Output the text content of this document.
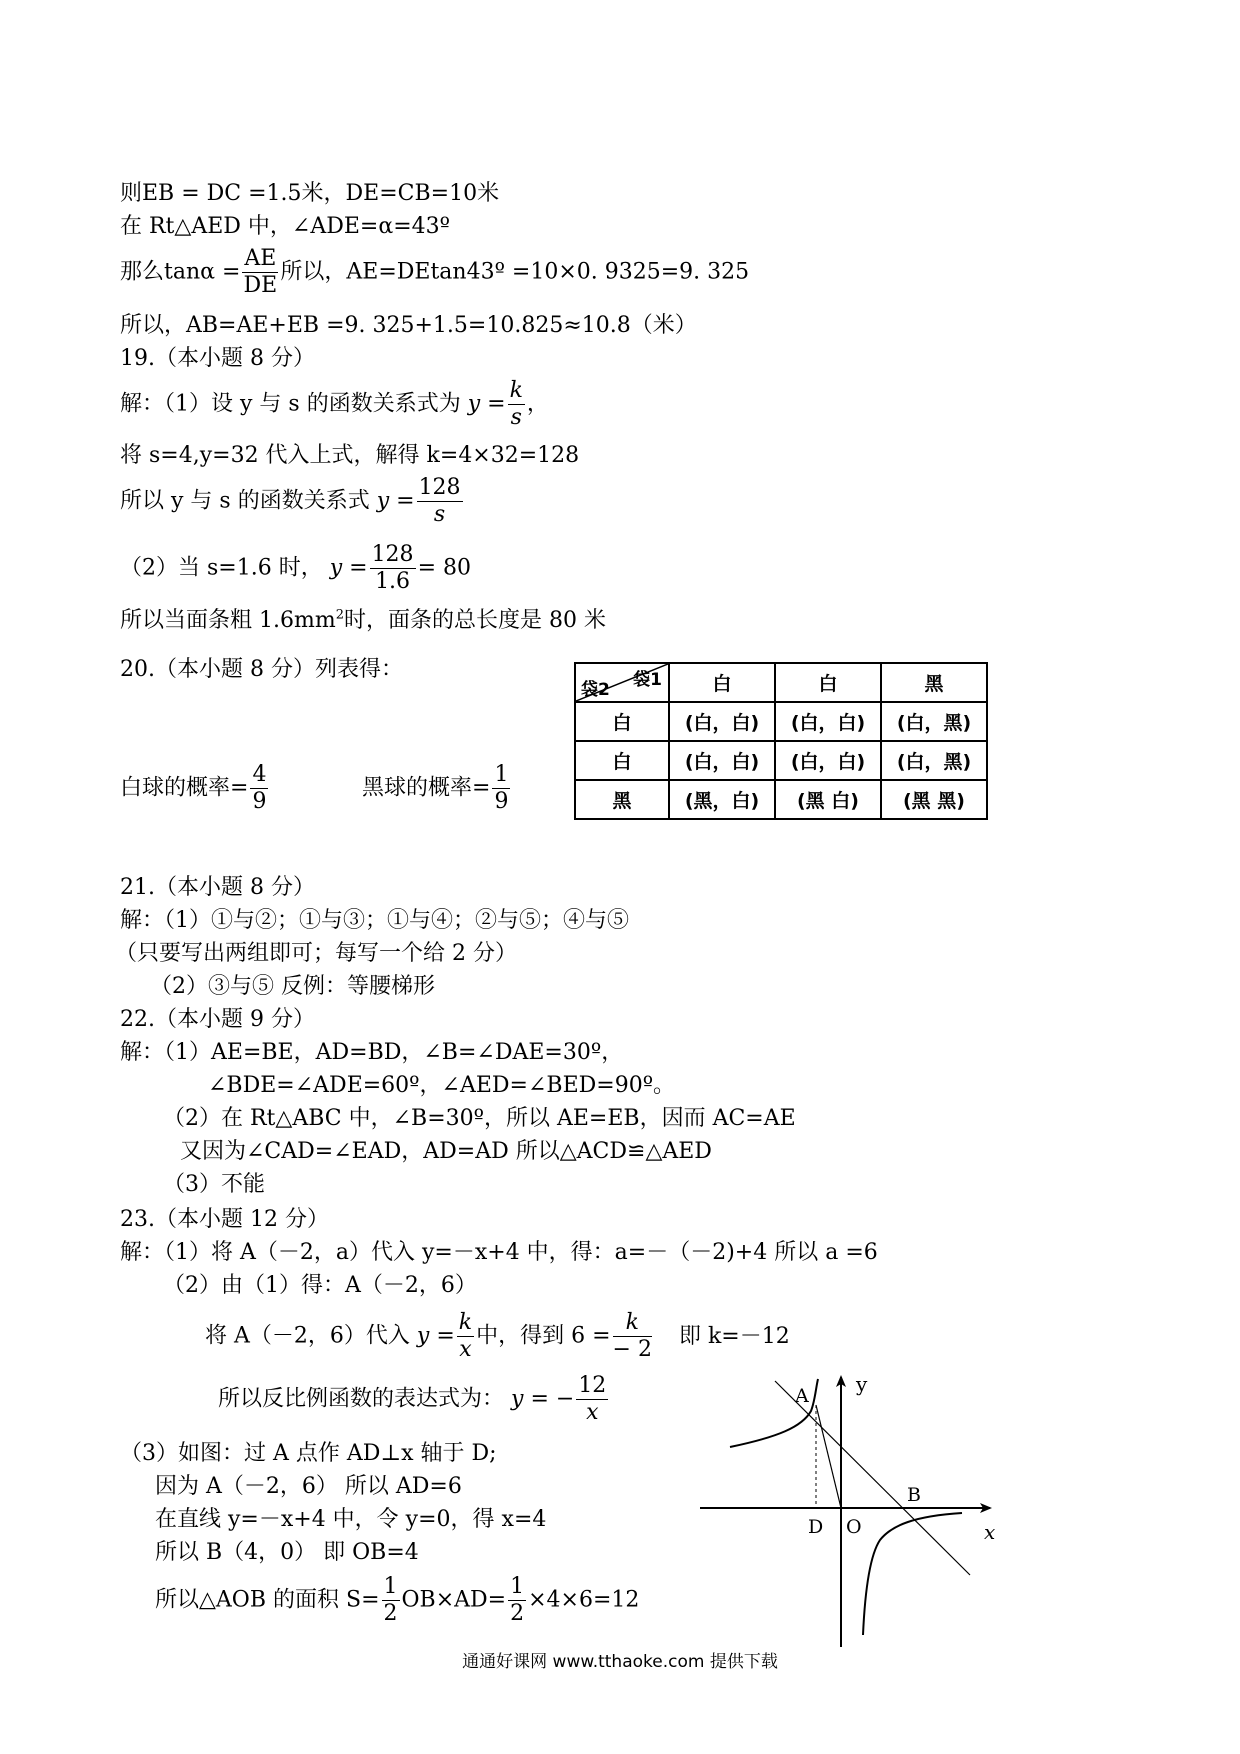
则EB = DC =1.5米，DE=CB=10米
在 Rt△AED 中，∠ADE=α=43º
那么$\tan\alpha = \frac{AE}{DE}$ 所以，AE=DEtan43º =10×0. 9325=9. 325
所以，AB=AE+EB =9. 325+1.5=10.825≈10.8（米）
19.（本小题 8 分）
解：（1）设 y 与 s 的函数关系式为 $y = \frac{k}{s}$ ，
将 s=4,y=32 代入上式，解得 k=4×32=128
所以 y 与 s 的函数关系式 $y = \frac{128}{s}$
（2）当 s=1.6 时， $y = \frac{128}{1.6} = 80$
所以当面条粗 $1.6mm^2$时，面条的总长度是 80 米
20.（本小题 8 分）列表得：	袋1
袋2	白	白	黑
白	(白，白)	(白，白)	(白，黑)
白	(白，白)	(白，白)	(白，黑)
黑	(黑，白)	(黑 白)	(黑 黑)
白球的概率= $\frac{4}{9}$	黑球的概率= $\frac{1}{9}$
21.（本小题 8 分）
解：（1）①与②；①与③；①与④；②与⑤；④与⑤
（只要写出两组即可；每写一个给 2 分）
（2）③与⑤ 反例：等腰梯形
22.（本小题 9 分）
解：（1）AE=BE，AD=BD，∠B=∠DAE=30º，
∠BDE=∠ADE=60º，∠AED=∠BED=90º。
（2）在 Rt△ABC 中，∠B=30º，所以 AE=EB，因而 AC=AE
又因为∠CAD=∠EAD，AD=AD 所以△ACD≌△AED
（3）不能
23.（本小题 12 分）
解：（1）将 A（－2，a）代入 y=－x+4 中，得：a=－（－2)+4 所以 a =6
（2）由（1）得：A（－2，6）
将 A（－2，6）代入 $y = \frac{k}{x}$ 中，得到 $6 = \frac{k}{- 2}$ 即 k=－12
所以反比例函数的表达式为： y = − $\frac{12}{x}$
（3）如图：过 A 点作 AD⊥x 轴于 D;
因为 A（－2，6） 所以 AD=6
在直线 y=－x+4 中，令 y=0，得 x=4
所以 B（4，0） 即 OB=4
所以△AOB 的面积 $S= \frac{1}{2} OB\times AD= \frac{1}{2} \times 4\times 6=12$
y
x
A
B
D O
通通好课网 www.tthaoke.com 提供下载
